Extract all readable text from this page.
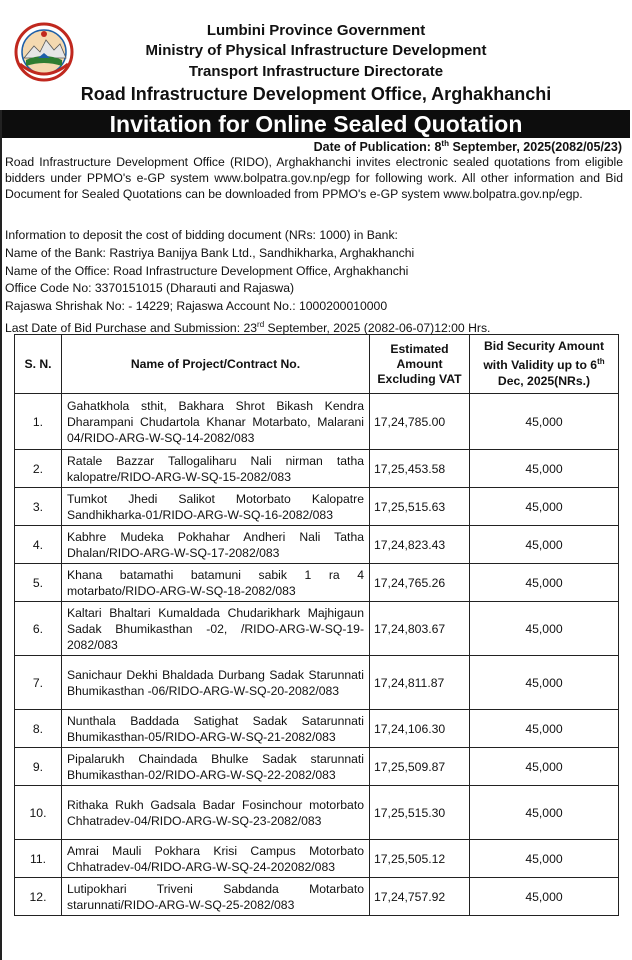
Lumbini Province Government
Ministry of Physical Infrastructure Development
Transport Infrastructure Directorate
Road Infrastructure Development Office, Arghakhanchi
Invitation for Online Sealed Quotation
Date of Publication: 8th September, 2025(2082/05/23)
Road Infrastructure Development Office (RIDO), Arghakhanchi invites electronic sealed quotations from eligible bidders under PPMO's e-GP system www.bolpatra.gov.np/egp for following work. All other information and Bid Document for Sealed Quotations can be downloaded from PPMO's e-GP system www.bolpatra.gov.np/egp.
Information to deposit the cost of bidding document (NRs: 1000) in Bank:
Name of the Bank: Rastriya Banijya Bank Ltd., Sandhikharka, Arghakhanchi
Name of the Office: Road Infrastructure Development Office, Arghakhanchi
Office Code No: 3370151015 (Dharauti and Rajaswa)
Rajaswa Shrishak No: - 14229; Rajaswa Account No.: 1000200010000
Last Date of Bid Purchase and Submission: 23rd September, 2025 (2082-06-07)12:00 Hrs.
S. N.	Name of Project/Contract No.	Estimated Amount Excluding VAT	Bid Security Amount with Validity up to 6th Dec, 2025(NRs.)
1.	Gahatkhola sthit, Bakhara Shrot Bikash Kendra Dharampani Chudartola Khanar Motarbato, Malarani 04/RIDO-ARG-W-SQ-14-2082/083	17,24,785.00	45,000
2.	Ratale Bazzar Tallogaliharu Nali nirman tatha kalopatre/RIDO-ARG-W-SQ-15-2082/083	17,25,453.58	45,000
3.	Tumkot Jhedi Salikot Motorbato Kalopatre Sandhikharka-01/RIDO-ARG-W-SQ-16-2082/083	17,25,515.63	45,000
4.	Kabhre Mudeka Pokhahar Andheri Nali Tatha Dhalan/RIDO-ARG-W-SQ-17-2082/083	17,24,823.43	45,000
5.	Khana batamathi batamuni sabik 1 ra 4 motarbato/RIDO-ARG-W-SQ-18-2082/083	17,24,765.26	45,000
6.	Kaltari Bhaltari Kumaldada Chudarikhark Majhigaun Sadak Bhumikasthan -02, /RIDO-ARG-W-SQ-19-2082/083	17,24,803.67	45,000
7.	Sanichaur Dekhi Bhaldada Durbang Sadak Starunnati Bhumikasthan -06/RIDO-ARG-W-SQ-20-2082/083	17,24,811.87	45,000
8.	Nunthala Baddada Satighat Sadak Satarunnati Bhumikasthan-05/RIDO-ARG-W-SQ-21-2082/083	17,24,106.30	45,000
9.	Pipalarukh Chaindada Bhulke Sadak starunnati Bhumikasthan-02/RIDO-ARG-W-SQ-22-2082/083	17,25,509.87	45,000
10.	Rithaka Rukh Gadsala Badar Fosinchour motorbato Chhatradev-04/RIDO-ARG-W-SQ-23-2082/083	17,25,515.30	45,000
11.	Amrai Mauli Pokhara Krisi Campus Motorbato Chhatradev-04/RIDO-ARG-W-SQ-24-202082/083	17,25,505.12	45,000
12.	Lutipokhari Triveni Sabdanda Motarbato starunnati/RIDO-ARG-W-SQ-25-2082/083	17,24,757.92	45,000
